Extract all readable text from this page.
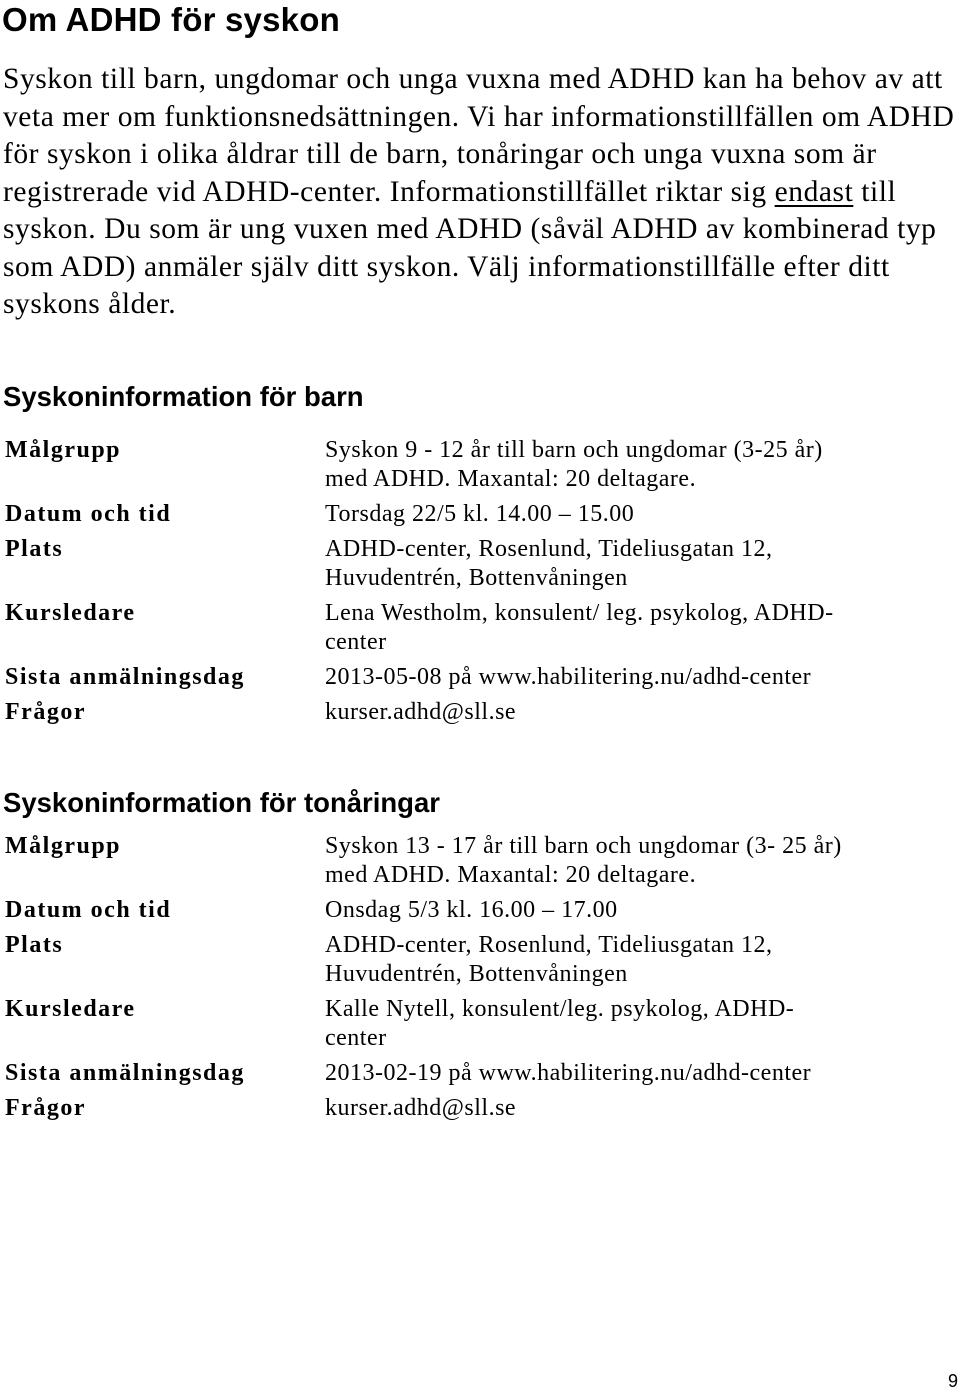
Om ADHD för syskon

Syskon till barn, ungdomar och unga vuxna med ADHD kan ha behov av att veta mer om funktionsnedsättningen. Vi har informationstillfällen om ADHD för syskon i olika åldrar till de barn, tonåringar och unga vuxna som är registrerade vid ADHD-center. Informationstillfället riktar sig endast till syskon. Du som är ung vuxen med ADHD (såväl ADHD av kombinerad typ som ADD) anmäler själv ditt syskon. Välj informationstillfälle efter ditt syskons ålder.

Syskoninformation för barn
Målgrupp	Syskon 9 - 12 år till barn och ungdomar (3-25 år)
med ADHD. Maxantal: 20 deltagare.

Datum och tid	Torsdag 22/5 kl. 14.00 – 15.00

Plats	ADHD-center, Rosenlund, Tideliusgatan 12,
Huvudentrén, Bottenvåningen

Kursledare	Lena Westholm, konsulent/ leg. psykolog, ADHD-
center

Sista anmälningsdag	2013-05-08 på www.habilitering.nu/adhd-center

Frågor	kurser.adhd@sll.se
Syskoninformation för tonåringar
Målgrupp	Syskon 13 - 17 år till barn och ungdomar (3- 25 år)
med ADHD. Maxantal: 20 deltagare.

Datum och tid	Onsdag 5/3 kl. 16.00 – 17.00

Plats	ADHD-center, Rosenlund, Tideliusgatan 12,
Huvudentrén, Bottenvåningen

Kursledare	Kalle Nytell, konsulent/leg. psykolog, ADHD-
center

Sista anmälningsdag	2013-02-19 på www.habilitering.nu/adhd-center

Frågor	kurser.adhd@sll.se
9
